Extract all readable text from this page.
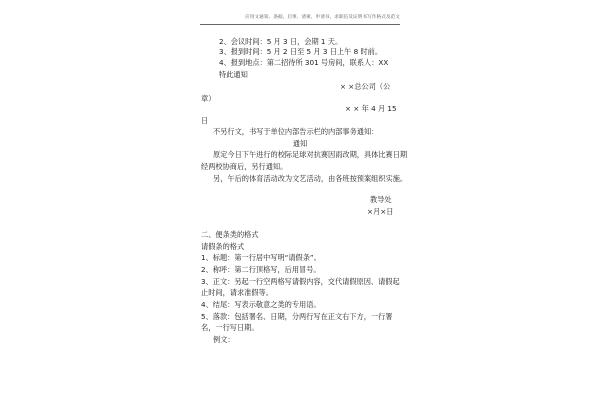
应用文通知、条据、启事、请柬、申请书、求职信及证明书写作格式及范文
2、会议时间：5 月 3 日，会期 1 天。
3、报到时间：5 月 2 日至 5 月 3 日上午 8 时前。
4、报到地点：第二招待所 301 号房间，联系人：XX
特此通知
× ×总公司（公
章）
× × 年 4 月 15
日
不另行文，书写于单位内部告示栏的内部事务通知：
通知
原定今日下午进行的校际足球对抗赛因雨改期，具体比赛日期
经两校协商后，另行通知。
另，午后的体育活动改为文艺活动，由各班按预案组织实施。
教导处
×月×日
二、便条类的格式
请假条的格式
1、标题：第一行居中写明“请假条”。
2、称呼：第二行顶格写，后用冒号。
3、正文：另起一行空两格写请假内容，交代请假原因、请假起
止时间，请求准假等。
4、结尾：写表示敬意之类的专用语。
5、落款：包括署名、日期，分两行写在正文右下方，一行署
名，一行写日期。
例文：
